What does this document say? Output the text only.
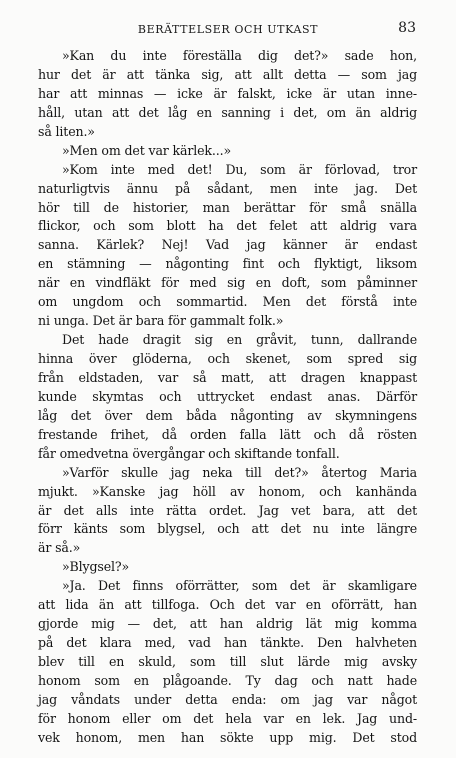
BERÄTTELSER OCH UTKAST	83
»Kan du inte föreställa dig det?» sade hon,
hur det är att tänka sig, att allt detta — som jag
har att minnas — icke är falskt, icke är utan inne-
håll, utan att det låg en sanning i det, om än aldrig
så liten.»
»Men om det var kärlek...»
»Kom inte med det! Du, som är förlovad, tror
naturligtvis ännu på sådant, men inte jag. Det
hör till de historier, man berättar för små snälla
flickor, och som blott ha det felet att aldrig vara
sanna. Kärlek? Nej! Vad jag känner är endast
en stämning — någonting fint och flyktigt, liksom
när en vindfläkt för med sig en doft, som påminner
om ungdom och sommartid. Men det förstå inte
ni unga. Det är bara för gammalt folk.»
Det hade dragit sig en gråvit, tunn, dallrande
hinna över glöderna, och skenet, som spred sig
från eldstaden, var så matt, att dragen knappast
kunde skymtas och uttrycket endast anas. Därför
låg det över dem båda någonting av skymningens
frestande frihet, då orden falla lätt och då rösten
får omedvetna övergångar och skiftande tonfall.
»Varför skulle jag neka till det?» återtog Maria
mjukt. »Kanske jag höll av honom, och kanhända
är det alls inte rätta ordet. Jag vet bara, att det
förr känts som blygsel, och att det nu inte längre
är så.»
»Blygsel?»
»Ja. Det finns oförrätter, som det är skamligare
att lida än att tillfoga. Och det var en oförrätt, han
gjorde mig — det, att han aldrig lät mig komma
på det klara med, vad han tänkte. Den halvheten
blev till en skuld, som till slut lärde mig avsky
honom som en plågoande. Ty dag och natt hade
jag våndats under detta enda: om jag var något
för honom eller om det hela var en lek. Jag und-
vek honom, men han sökte upp mig. Det stod
